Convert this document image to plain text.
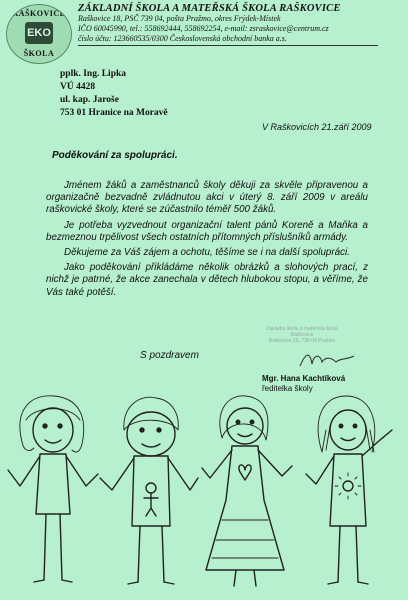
RAŠKOVICE
EKO
ŠKOLA
ZÁKLADNÍ ŠKOLA A MATEŘSKÁ ŠKOLA RAŠKOVICE
Raškovice 18, PSČ 739 04, pošta Pražmo, okres Frýdek-Místek
IČO 60045990, tel.: 558692444, 558692254, e-mail: zsraskovice@centrum.cz
číslo účtu: 123660535/0300 Československá obchodní banka a.s.
pplk. Ing. Lipka
VÚ 4428
ul. kap. Jaroše
753 01 Hranice na Moravě
V Raškovicích 21.září 2009
Poděkování za spolupráci.

Jménem žáků a zaměstnanců školy děkuji za skvěle připravenou a organizačně bezvadně zvládnutou akci v úterý 8. září 2009 v areálu raškovické školy, které se zúčastnilo téměř 500 žáků.

Je potřeba vyzvednout organizační talent pánů Koreně a Maňka a bezmeznou trpělivost všech ostatních přítomných příslušníků armády.

Děkujeme za Váš zájem a ochotu, těšíme se i na další spolupráci.

Jako poděkování přikládáme několik obrázků a slohových prací, z nichž je patrné, že akce zanechala v dětech hlubokou stopu, a věříme, že Vás také potěší.

S pozdravem
Základní škola a mateřská škola
Raškovice
Raškovice 18, 739 04 Pražmo
Mgr. Hana Kachtíková
ředitelka školy
